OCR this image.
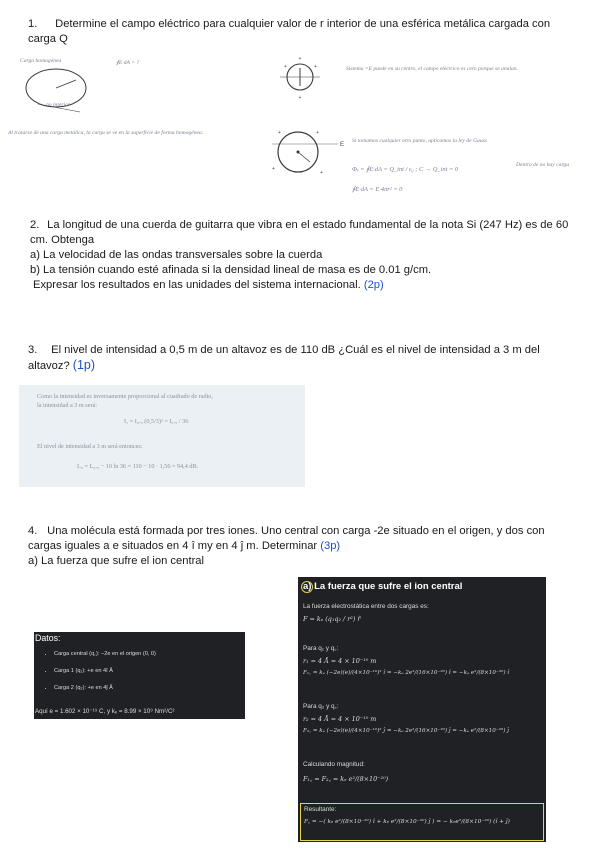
1. Determine el campo eléctrico para cualquier valor de r interior de una esférica metálica cargada con carga Q
Carga homogénea	∮E·dA = ?
no interior
+
+
+	+	Sistema =E puede en su centro, el campo eléctrico es cero porque se anulan.
Al tratarse de una carga metálica, la carga se ve en la superficie de forma homogénea.
E
+	+
+
+
Si tomamos cualquier otro punto, aplicamos la ley de Gauss
Φₑ = ∮E·dA = Q_int / ε₀ ; C → Q_int = 0
Dentro de no hay carga
∮E·dA = E·4πr² = 0
2. La longitud de una cuerda de guitarra que vibra en el estado fundamental de la nota Si (247 Hz) es de 60 cm. Obtenga
a) La velocidad de las ondas transversales sobre la cuerda
b) La tensión cuando esté afinada si la densidad lineal de masa es de 0.01 g/cm.
Expresar los resultados en las unidades del sistema internacional. (2p)
3. El nivel de intensidad a 0,5 m de un altavoz es de 110 dB ¿Cuál es el nivel de intensidad a 3 m del altavoz? (1p)
Como la intensidad es inversamente proporcional al cuadrado de radio,
la intensidad a 3 m será:
I₁ = I₀.₅ (0,5/3)² = I₀.₅ / 36
El nivel de intensidad a 3 m será entonces:
L₃ = L₀.₅ − 10 ln 36 = 110 − 10 · 1,56 = 94,4 dB.
4. Una molécula está formada por tres iones. Uno central con carga -2e situado en el origen, y dos con cargas iguales a e situados en 4 î my en 4 ĵ m. Determinar (3p)
a) La fuerza que sufre el ion central
Datos:
• Carga central (q꜀): −2e en el origen (0, 0)
• Carga 1 (q₁): +e en 4î Å
• Carga 2 (q₂): +e en 4ĵ Å
Aquí e = 1.602 × 10⁻¹⁹ C, y kₑ = 8.99 × 10⁹ Nm²/C²
a) La fuerza que sufre el ion central
La fuerza electrostática entre dos cargas es:
F = kₑ (q₁q₂ / r²) r̂
Para q₁ y q꜀:
r₁ = 4 Å = 4 × 10⁻¹⁰ m
F₁꜀ = kₑ (−2e)(e)/(4×10⁻¹⁰)² î = −kₑ 2e²/(16×10⁻²⁰) î = −kₑ e²/(8×10⁻²⁰) î
Para q₂ y q꜀:
r₂ = 4 Å = 4 × 10⁻¹⁰ m
F₂꜀ = kₑ (−2e)(e)/(4×10⁻¹⁰)² ĵ = −kₑ 2e²/(16×10⁻²⁰) ĵ = −kₑ e²/(8×10⁻²⁰) ĵ
Calculando magnitud:
F₁꜀ = F₂꜀ = kₑ e²/(8×10⁻²⁰)
Resultante:
F꜀ = −( kₑ e²/(8×10⁻²⁰) î + kₑ e²/(8×10⁻²⁰) ĵ ) = − kₑe²/(8×10⁻²⁰) (î + ĵ)
